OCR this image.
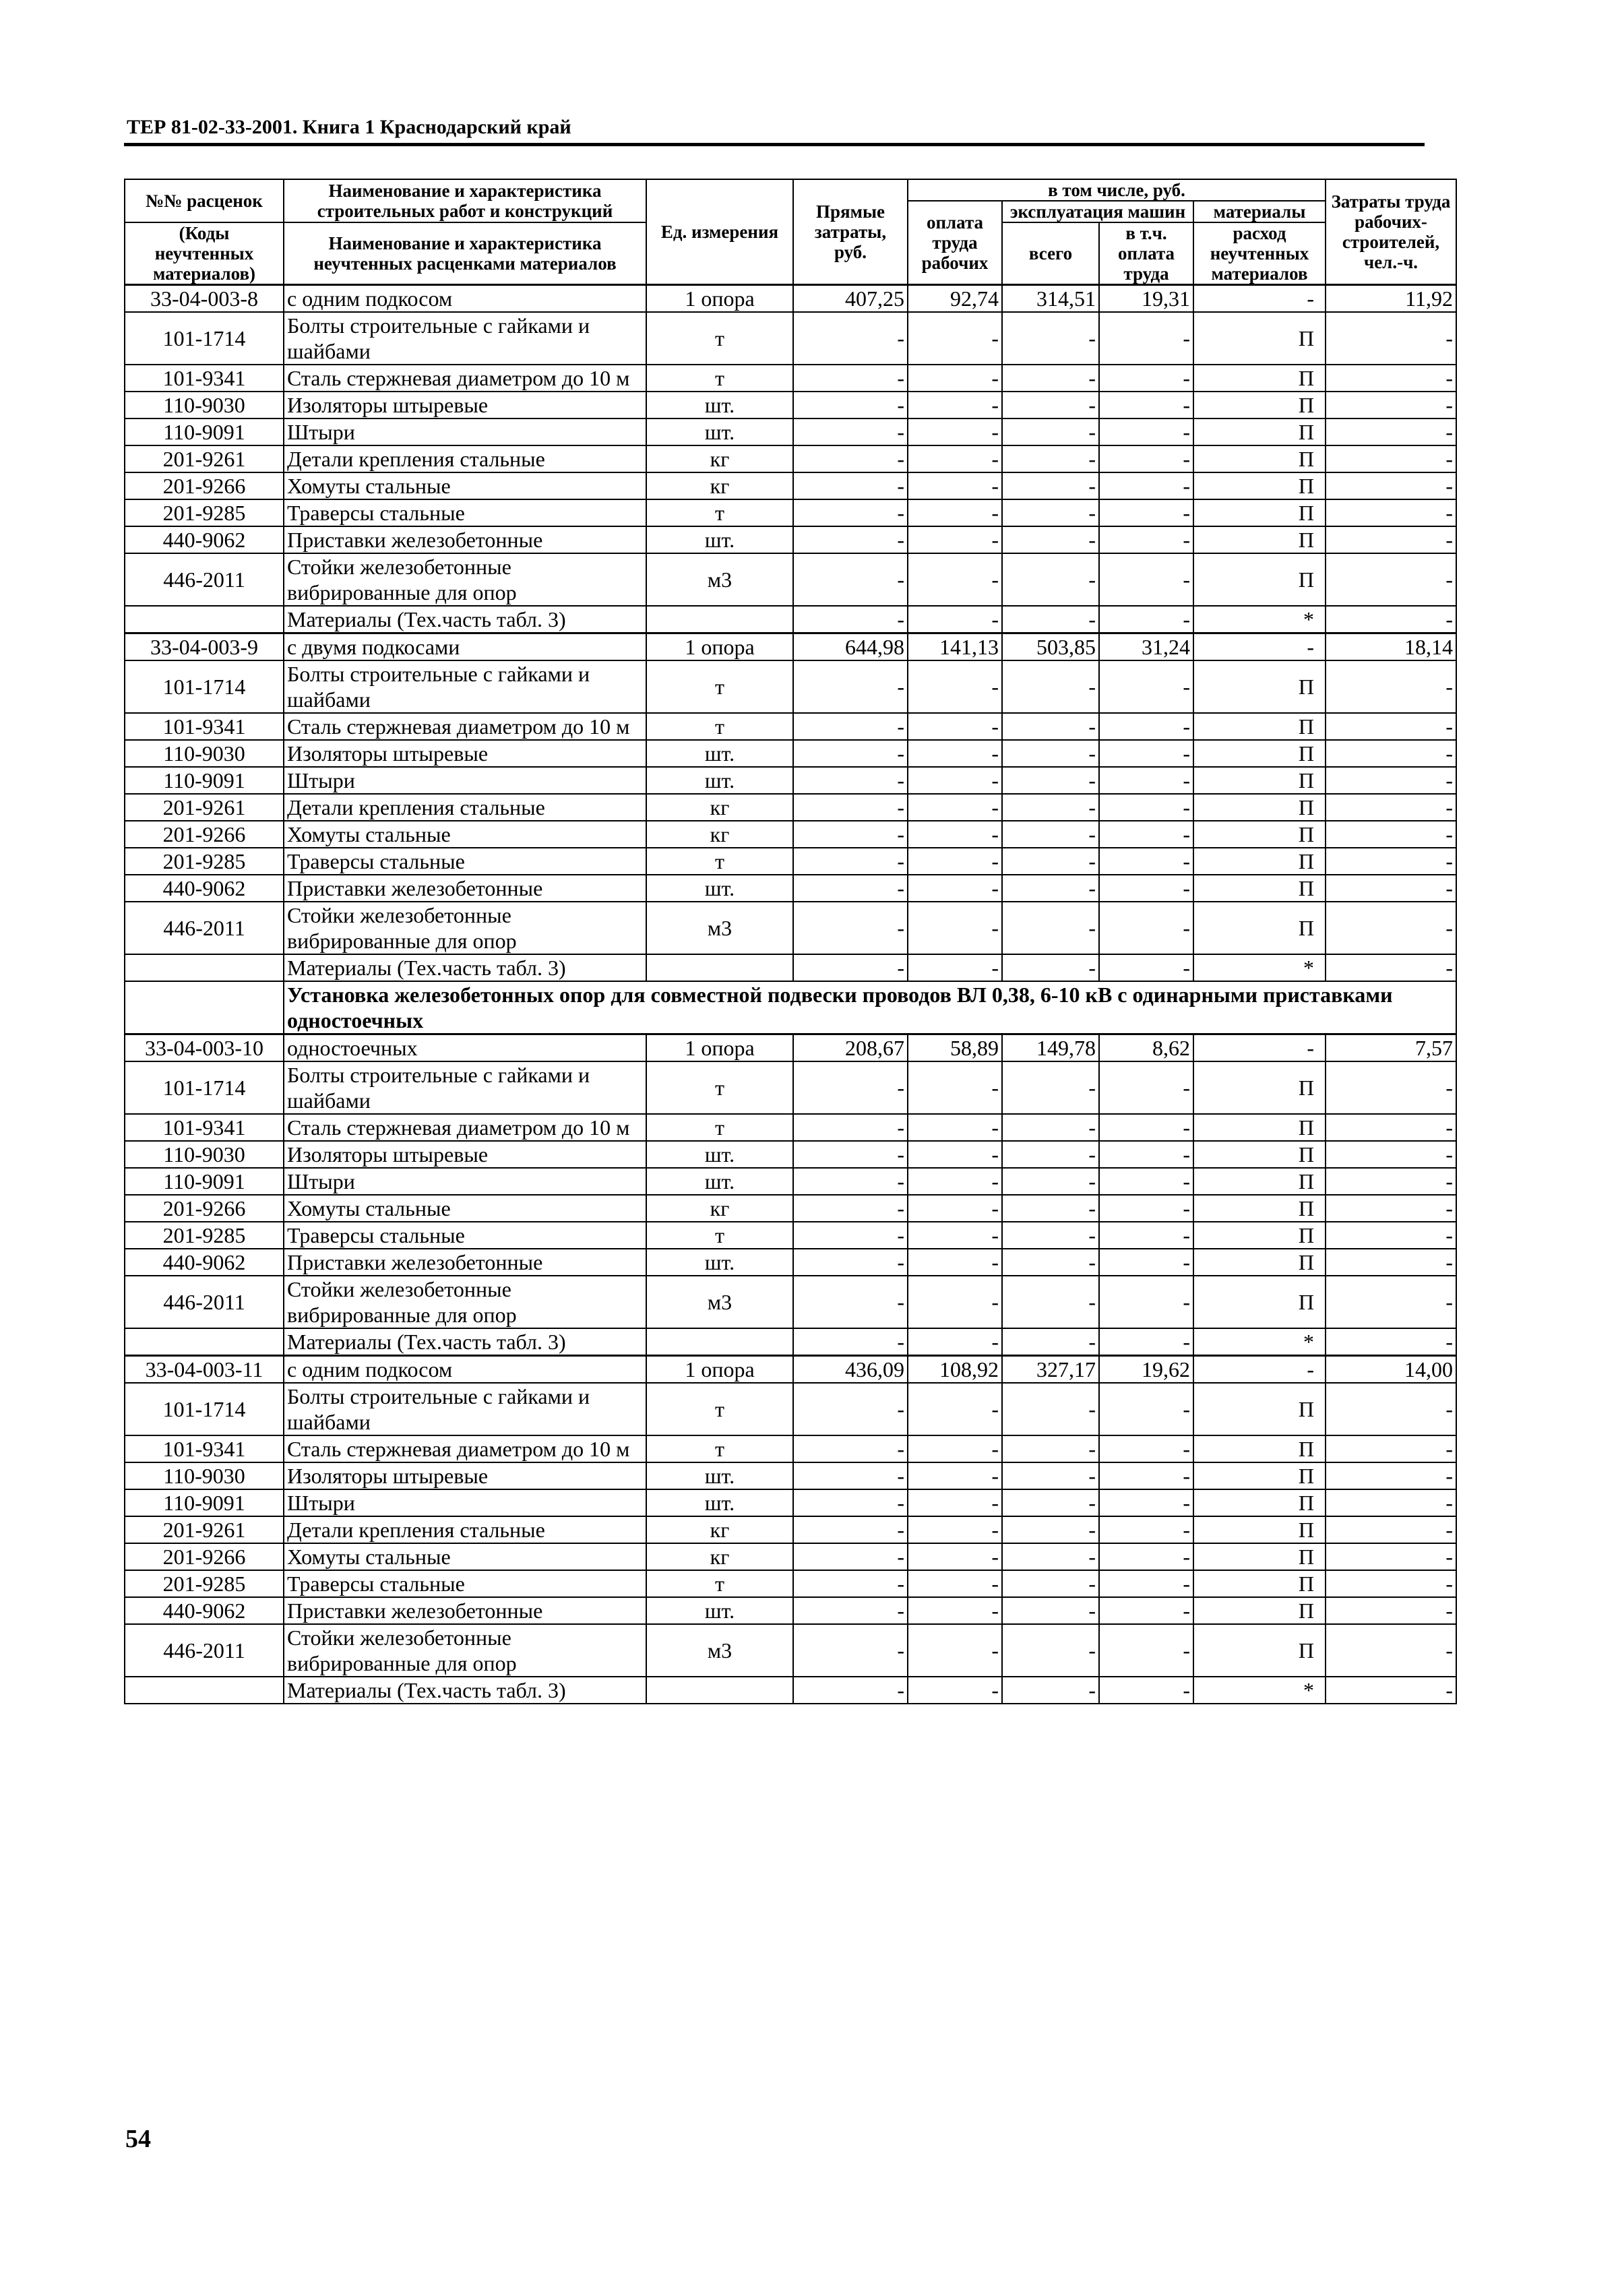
ТЕР 81-02-33-2001. Книга 1 Краснодарский край
№№ расценок	Наименование и характеристика строительных работ и конструкций	Ед. измерения	Прямые затраты, руб.	в том числе, руб.				Затраты труда рабочих-строителей, чел.-ч.
				оплата труда рабочих	эксплуатация машин		материалы	
(Коды неучтенных материалов)	Наименование и характеристика неучтенных расценками материалов				всего	в т.ч. оплата труда		
							расход неучтенных материалов	
33-04-003-8	с одним подкосом	1 опора	407,25	92,74	314,51	19,31	-	11,92
101-1714	Болты строительные с гайками и шайбами	т	-	-	-	-	П	-
101-9341	Сталь стержневая диаметром до 10 м	т	-	-	-	-	П	-
110-9030	Изоляторы штыревые	шт.	-	-	-	-	П	-
110-9091	Штыри	шт.	-	-	-	-	П	-
201-9261	Детали крепления стальные	кг	-	-	-	-	П	-
201-9266	Хомуты стальные	кг	-	-	-	-	П	-
201-9285	Траверсы стальные	т	-	-	-	-	П	-
440-9062	Приставки железобетонные	шт.	-	-	-	-	П	-
446-2011	Стойки железобетонные вибрированные для опор	м3	-	-	-	-	П	-
	Материалы (Тех.часть табл. 3)		-	-	-	-	*	-
33-04-003-9	с двумя подкосами	1 опора	644,98	141,13	503,85	31,24	-	18,14
101-1714	Болты строительные с гайками и шайбами	т	-	-	-	-	П	-
101-9341	Сталь стержневая диаметром до 10 м	т	-	-	-	-	П	-
110-9030	Изоляторы штыревые	шт.	-	-	-	-	П	-
110-9091	Штыри	шт.	-	-	-	-	П	-
201-9261	Детали крепления стальные	кг	-	-	-	-	П	-
201-9266	Хомуты стальные	кг	-	-	-	-	П	-
201-9285	Траверсы стальные	т	-	-	-	-	П	-
440-9062	Приставки железобетонные	шт.	-	-	-	-	П	-
446-2011	Стойки железобетонные вибрированные для опор	м3	-	-	-	-	П	-
	Материалы (Тех.часть табл. 3)		-	-	-	-	*	-
	Установка железобетонных опор для совместной подвески проводов ВЛ 0,38, 6-10 кВ с одинарными приставками одностоечных							
33-04-003-10	одностоечных	1 опора	208,67	58,89	149,78	8,62	-	7,57
101-1714	Болты строительные с гайками и шайбами	т	-	-	-	-	П	-
101-9341	Сталь стержневая диаметром до 10 м	т	-	-	-	-	П	-
110-9030	Изоляторы штыревые	шт.	-	-	-	-	П	-
110-9091	Штыри	шт.	-	-	-	-	П	-
201-9266	Хомуты стальные	кг	-	-	-	-	П	-
201-9285	Траверсы стальные	т	-	-	-	-	П	-
440-9062	Приставки железобетонные	шт.	-	-	-	-	П	-
446-2011	Стойки железобетонные вибрированные для опор	м3	-	-	-	-	П	-
	Материалы (Тех.часть табл. 3)		-	-	-	-	*	-
33-04-003-11	с одним подкосом	1 опора	436,09	108,92	327,17	19,62	-	14,00
101-1714	Болты строительные с гайками и шайбами	т	-	-	-	-	П	-
101-9341	Сталь стержневая диаметром до 10 м	т	-	-	-	-	П	-
110-9030	Изоляторы штыревые	шт.	-	-	-	-	П	-
110-9091	Штыри	шт.	-	-	-	-	П	-
201-9261	Детали крепления стальные	кг	-	-	-	-	П	-
201-9266	Хомуты стальные	кг	-	-	-	-	П	-
201-9285	Траверсы стальные	т	-	-	-	-	П	-
440-9062	Приставки железобетонные	шт.	-	-	-	-	П	-
446-2011	Стойки железобетонные вибрированные для опор	м3	-	-	-	-	П	-
	Материалы (Тех.часть табл. 3)		-	-	-	-	*	-
54
